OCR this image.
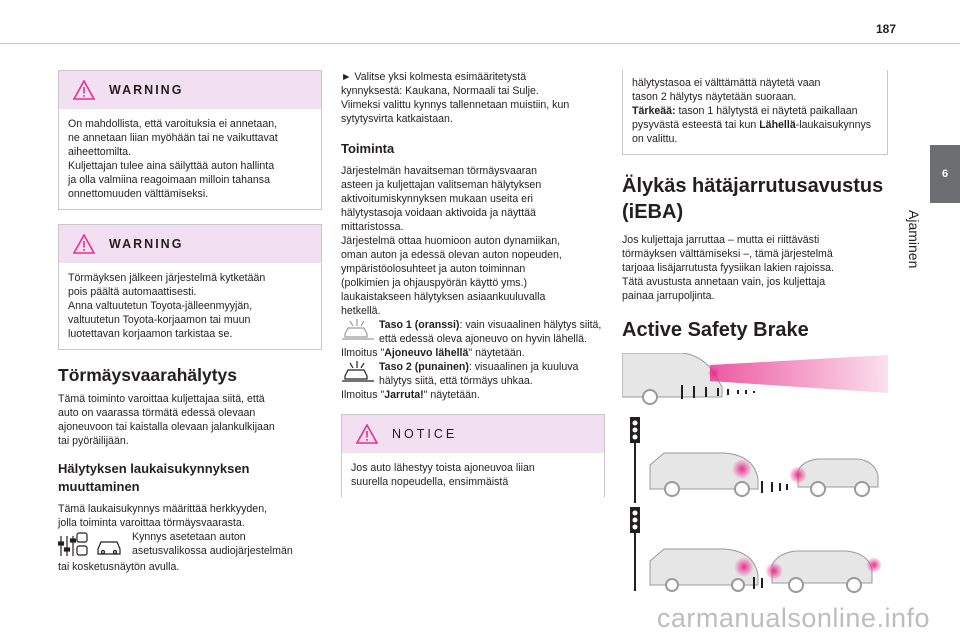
187
6
Ajaminen
WARNING

On mahdollista, että varoituksia ei annetaan,
ne annetaan liian myöhään tai ne vaikuttavat
aiheettomilta.
Kuljettajan tulee aina säilyttää auton hallinta
ja olla valmiina reagoimaan milloin tahansa
onnettomuuden välttämiseksi.

WARNING

Törmäyksen jälkeen järjestelmä kytketään
pois päältä automaattisesti.
Anna valtuutetun Toyota-jälleenmyyjän,
valtuutetun Toyota-korjaamon tai muun
luotettavan korjaamon tarkistaa se.

Törmäysvaarahälytys

Tämä toiminto varoittaa kuljettajaa siitä, että
auto on vaarassa törmätä edessä olevaan
ajoneuvoon tai kaistalla olevaan jalankulkijaan
tai pyöräilijään.

Hälytyksen laukaisukynnyksen muuttaminen

Tämä laukaisukynnys määrittää herkkyyden,
jolla toiminta varoittaa törmäysvaarasta.

Kynnys asetetaan auton
asetusvalikossa audiojärjestelmän

tai kosketusnäytön avulla.

► Valitse yksi kolmesta esimääritetystä
kynnyksestä: Kaukana, Normaali tai Sulje.
Viimeksi valittu kynnys tallennetaan muistiin, kun
sytytysvirta katkaistaan.

Toiminta

Järjestelmän havaitseman törmäysvaaran
asteen ja kuljettajan valitseman hälytyksen
aktivoitumiskynnyksen mukaan useita eri
hälytystasoja voidaan aktivoida ja näyttää
mittaristossa.
Järjestelmä ottaa huomioon auton dynamiikan,
oman auton ja edessä olevan auton nopeuden,
ympäristöolosuhteet ja auton toiminnan
(polkimien ja ohjauspyörän käyttö yms.)
laukaistakseen hälytyksen asiaankuuluvalla
hetkellä.

Taso 1 (oranssi): vain visuaalinen hälytys siitä, että edessä oleva ajoneuvo on hyvin lähellä.

Ilmoitus "Ajoneuvo lähellä" näytetään.

Taso 2 (punainen): visuaalinen ja kuuluva hälytys siitä, että törmäys uhkaa.

Ilmoitus "Jarruta!" näytetään.

NOTICE

Jos auto lähestyy toista ajoneuvoa liian
suurella nopeudella, ensimmäistä

hälytystasoa ei välttämättä näytetä vaan
tason 2 hälytys näytetään suoraan.

Tärkeää: tason 1 hälytystä ei näytetä paikallaan pysyvästä esteestä tai kun Lähellä-laukaisukynnys on valittu.

Älykäs hätäjarrutusavustus (iEBA)

Jos kuljettaja jarruttaa – mutta ei riittävästi
törmäyksen välttämiseksi –, tämä järjestelmä
tarjoaa lisäjarrutusta fyysiikan lakien rajoissa.
Tätä avustusta annetaan vain, jos kuljettaja
painaa jarrupoljinta.

Active Safety Brake
carmanualsonline.info
